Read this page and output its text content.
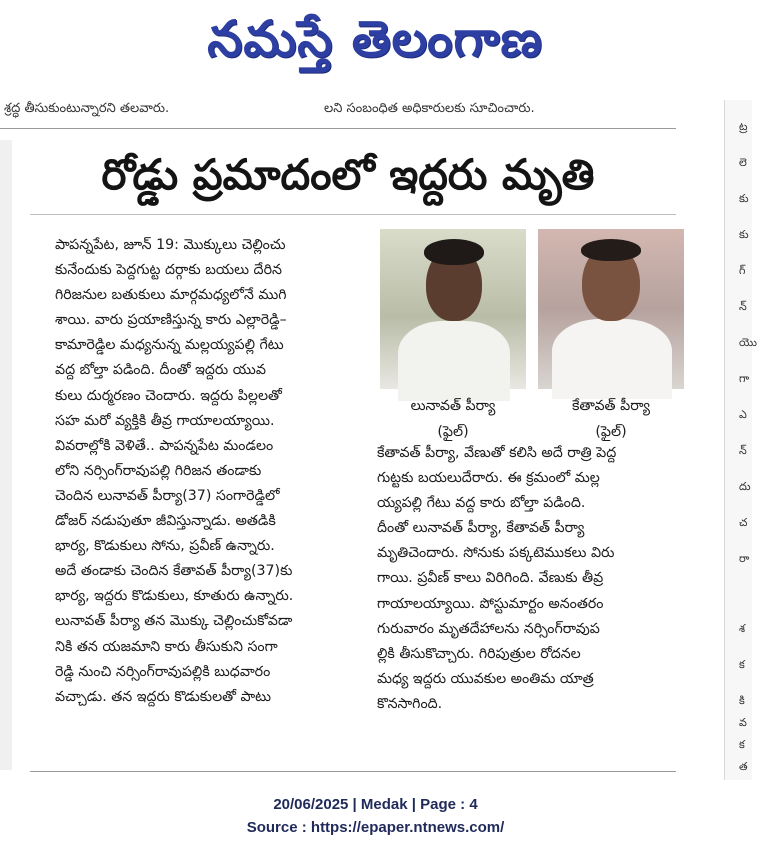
నమస్తే తెలంగాణ
శ్రద్ధ తీసుకుంటున్నారని తలవారు.	లని సంబంధిత అధికారులకు సూచించారు.
ట్ర
లె
కు
కు
గ్
న్
యొ
గా
ఎ
న్
దు
చ
రా
శ
క
కి
వ
క
త
రోడ్డు ప్రమాదంలో ఇద్దరు మృతి

పాపన్నపేట, జూన్ 19: మొక్కులు చెల్లించు

కునేందుకు పెద్దగుట్ట దర్గాకు బయలు దేరిన

గిరిజనుల బతుకులు మార్గమధ్యలోనే ముగి

శాయి. వారు ప్రయాణిస్తున్న కారు ఎల్లారెడ్డి–

కామారెడ్డిల మధ్యనున్న మల్లయ్యపల్లి గేటు

వద్ద బోల్తా పడింది. దీంతో ఇద్దరు యువ

కులు దుర్మరణం చెందారు. ఇద్దరు పిల్లలతో

సహ మరో వ్యక్తికి తీవ్ర గాయాలయ్యాయి.

వివరాల్లోకి వెళితే.. పాపన్నపేట మండలం

లోని నర్సింగ్‌రావుపల్లి గిరిజన తండాకు

చెందిన లునావత్ పీర్యా(37) సంగారెడ్డిలో

డోజర్ నడుపుతూ జీవిస్తున్నాడు. అతడికి

భార్య, కొడుకులు సోను, ప్రవీణ్ ఉన్నారు.

అదే తండాకు చెందిన కేతావత్ పీర్యా(37)కు

భార్య, ఇద్దరు కొడుకులు, కూతురు ఉన్నారు.

లునావత్ పీర్యా తన మొక్కు చెల్లించుకోవడా

నికి తన యజమాని కారు తీసుకుని సంగా

రెడ్డి నుంచి నర్సింగ్‌రావుపల్లికి బుధవారం

వచ్చాడు. తన ఇద్దరు కొడుకులతో పాటు

లునావత్ పీర్యా
(ఫైల్)
కేతావత్ పీర్యా
(ఫైల్)

కేతావత్ పీర్యా, వేణుతో కలిసి అదే రాత్రి పెద్ద

గుట్టకు బయలుదేరారు. ఈ క్రమంలో మల్ల

య్యపల్లి గేటు వద్ద కారు బోల్తా పడింది.

దీంతో లునావత్ పీర్యా, కేతావత్ పీర్యా

మృతిచెందారు. సోనుకు పక్కటెముకలు విరు

గాయి. ప్రవీణ్ కాలు విరిగింది. వేణుకు తీవ్ర

గాయాలయ్యాయి. పోస్టుమార్టం అనంతరం

గురువారం మృతదేహాలను నర్సింగ్‌రావుప

ల్లికి తీసుకొచ్చారు. గిరిపుత్రుల రోదనల

మధ్య ఇద్దరు యువకుల అంతిమ యాత్ర

కొనసాగింది.

20/06/2025 | Medak | Page : 4
Source : https://epaper.ntnews.com/
